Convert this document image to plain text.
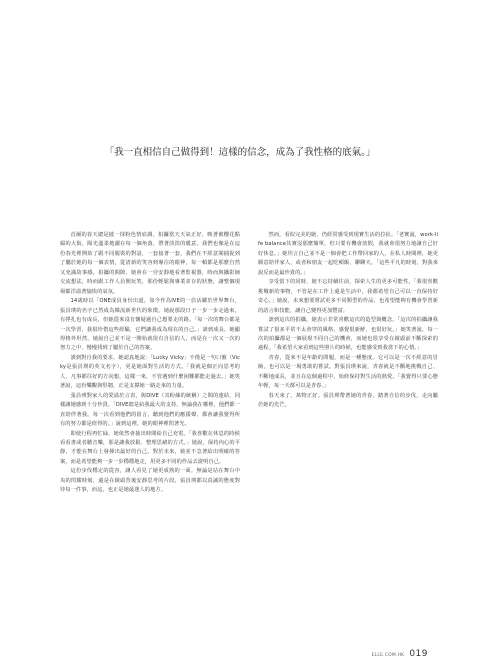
「我一直相信自己做得到！這樣的信念，成為了我性格的底氣。」

首爾的春天總是披一抹粉色情底調。拍攝當天天氣正好，映著被櫻花點綴的大街，陽光溫柔地灑在每一個角落，帶著淡淡的暖意。我們也像是在這份春光裡開始了跟不同服裝的對話，一套接著一套，我們在不經意間捕捉到了屬於她的每一個表情，從清新的笑容到專注的眼神，每一幀都是那麼自然又充滿故事感。拍攝的間隙，她會在一旁安靜地看著監視器，時而與攝影師交流想法，時而跟工作人員開玩笑，那份輕鬆與專業並存的狀態，讓整個現場都洋溢著愉快的氣氛。

14歲時以「ONE成員身份出道，如今作為IVE的一員活躍於世界舞台，張員瑛的名字已然成為韓流新世代的象徵。她說那段日子一步一步走過來，有掙扎也有成長，但她從來沒有懷疑過自己想要走的路。「每一次的舞台都是一次學習，我很珍惜這些經驗，它們讓我成為現在的自己。」談到成長，她顯得格外坦然，她說自己並不是一開始就很有自信的人，而是在一次又一次的努力之中，慢慢找到了屬於自己的答案。

談到對自我的要求，她認真地說：「Lucky Vicky」不僅是一句口號（Vicky是張員瑛的英文名字），更是她面對生活的方式。「我就是個正向思考的人，凡事都往好的方向想，這樣一來，不管遇到什麼困難都能走過去。」她笑著說，這份樂觀與堅韌，正是支撐她一路走來的力量。

張員瑛對家人的愛溢於言表，與DIVE（其粉絲的統稱）之間的連結，同樣讓她感到十分珍貴。「DIVE總是給我最大的支持，無論我在哪裡，他們都一直陪伴著我。每一次看到他們的留言、聽到他們的應援聲，都會讓我覺得所有的努力都是值得的。」說到這裡，她的眼神裡閃著光。

即使行程再忙碌，她依然會抽出時間給自己充電。「我喜歡在休息的時候看看書或者聽音樂，那是讓我放鬆、整理思緒的方式。」她說，保持內心的平靜，才能在舞台上發揮出最好的自己。對於未來，她並不急著給出明確的答案，而是希望能夠一步一步穩穩地走，用更多不同的作品去證明自己。

這份步伐穩定的從容，讓人看見了她更成熟的一面。無論是站在舞台中央的閃耀時刻，還是在鏡頭背後安靜思考的片段，張員瑛都以真誠的態度對待每一件事，而這，也正是她最迷人的地方。

然而，看似完美的她，仍經常感受到現實生活的拉扯。「老實說，work-life balance其實沒那麼簡單，但只要有機會放假，我就會很努力地讓自己好好休息。」她坦言自己並不是一個會把工作帶回家的人，在私人時間裡，她更願意陪伴家人，或者和朋友一起吃頓飯、聊聊天。「這些平凡的時刻，對我來說反而是最珍貴的。」

享受當下的同時，她不忘持續往前，探索人生的更多可能性。「我很喜歡挑戰新的事物，不管是在工作上還是生活中，我都希望自己可以一直保持好奇心。」她說，未來想要嘗試更多不同類型的作品，也希望能夠有機會學習新的語言和技能，讓自己變得更加豐富。

談到這次的拍攝，她表示非常喜歡這次的造型與概念。「這次的拍攝讓我嘗試了很多平常不太會穿的風格，感覺很新鮮，也很好玩。」她笑著說，每一次的拍攝都是一個展現不同自己的機會，而她也很享受在鏡頭前不斷探索的過程。「我希望大家看到這些照片的時候，也能感受到我當下的心情。」

青春，從來不是年齡的問題，而是一種態度。它可以是一次不經意的冒險，也可以是一場勇敢的嘗試。對張員瑛來說，青春就是不斷地挑戰自己、不斷地成長，並且在這個過程中，始終保持對生活的熱愛。「我覺得只要心態年輕，每一天都可以是青春。」

春天來了，萬物正好。張員瑛帶著她的青春，踏著自信的步伐，走向屬於她的光芒。

ELLE.COM.HK 019
